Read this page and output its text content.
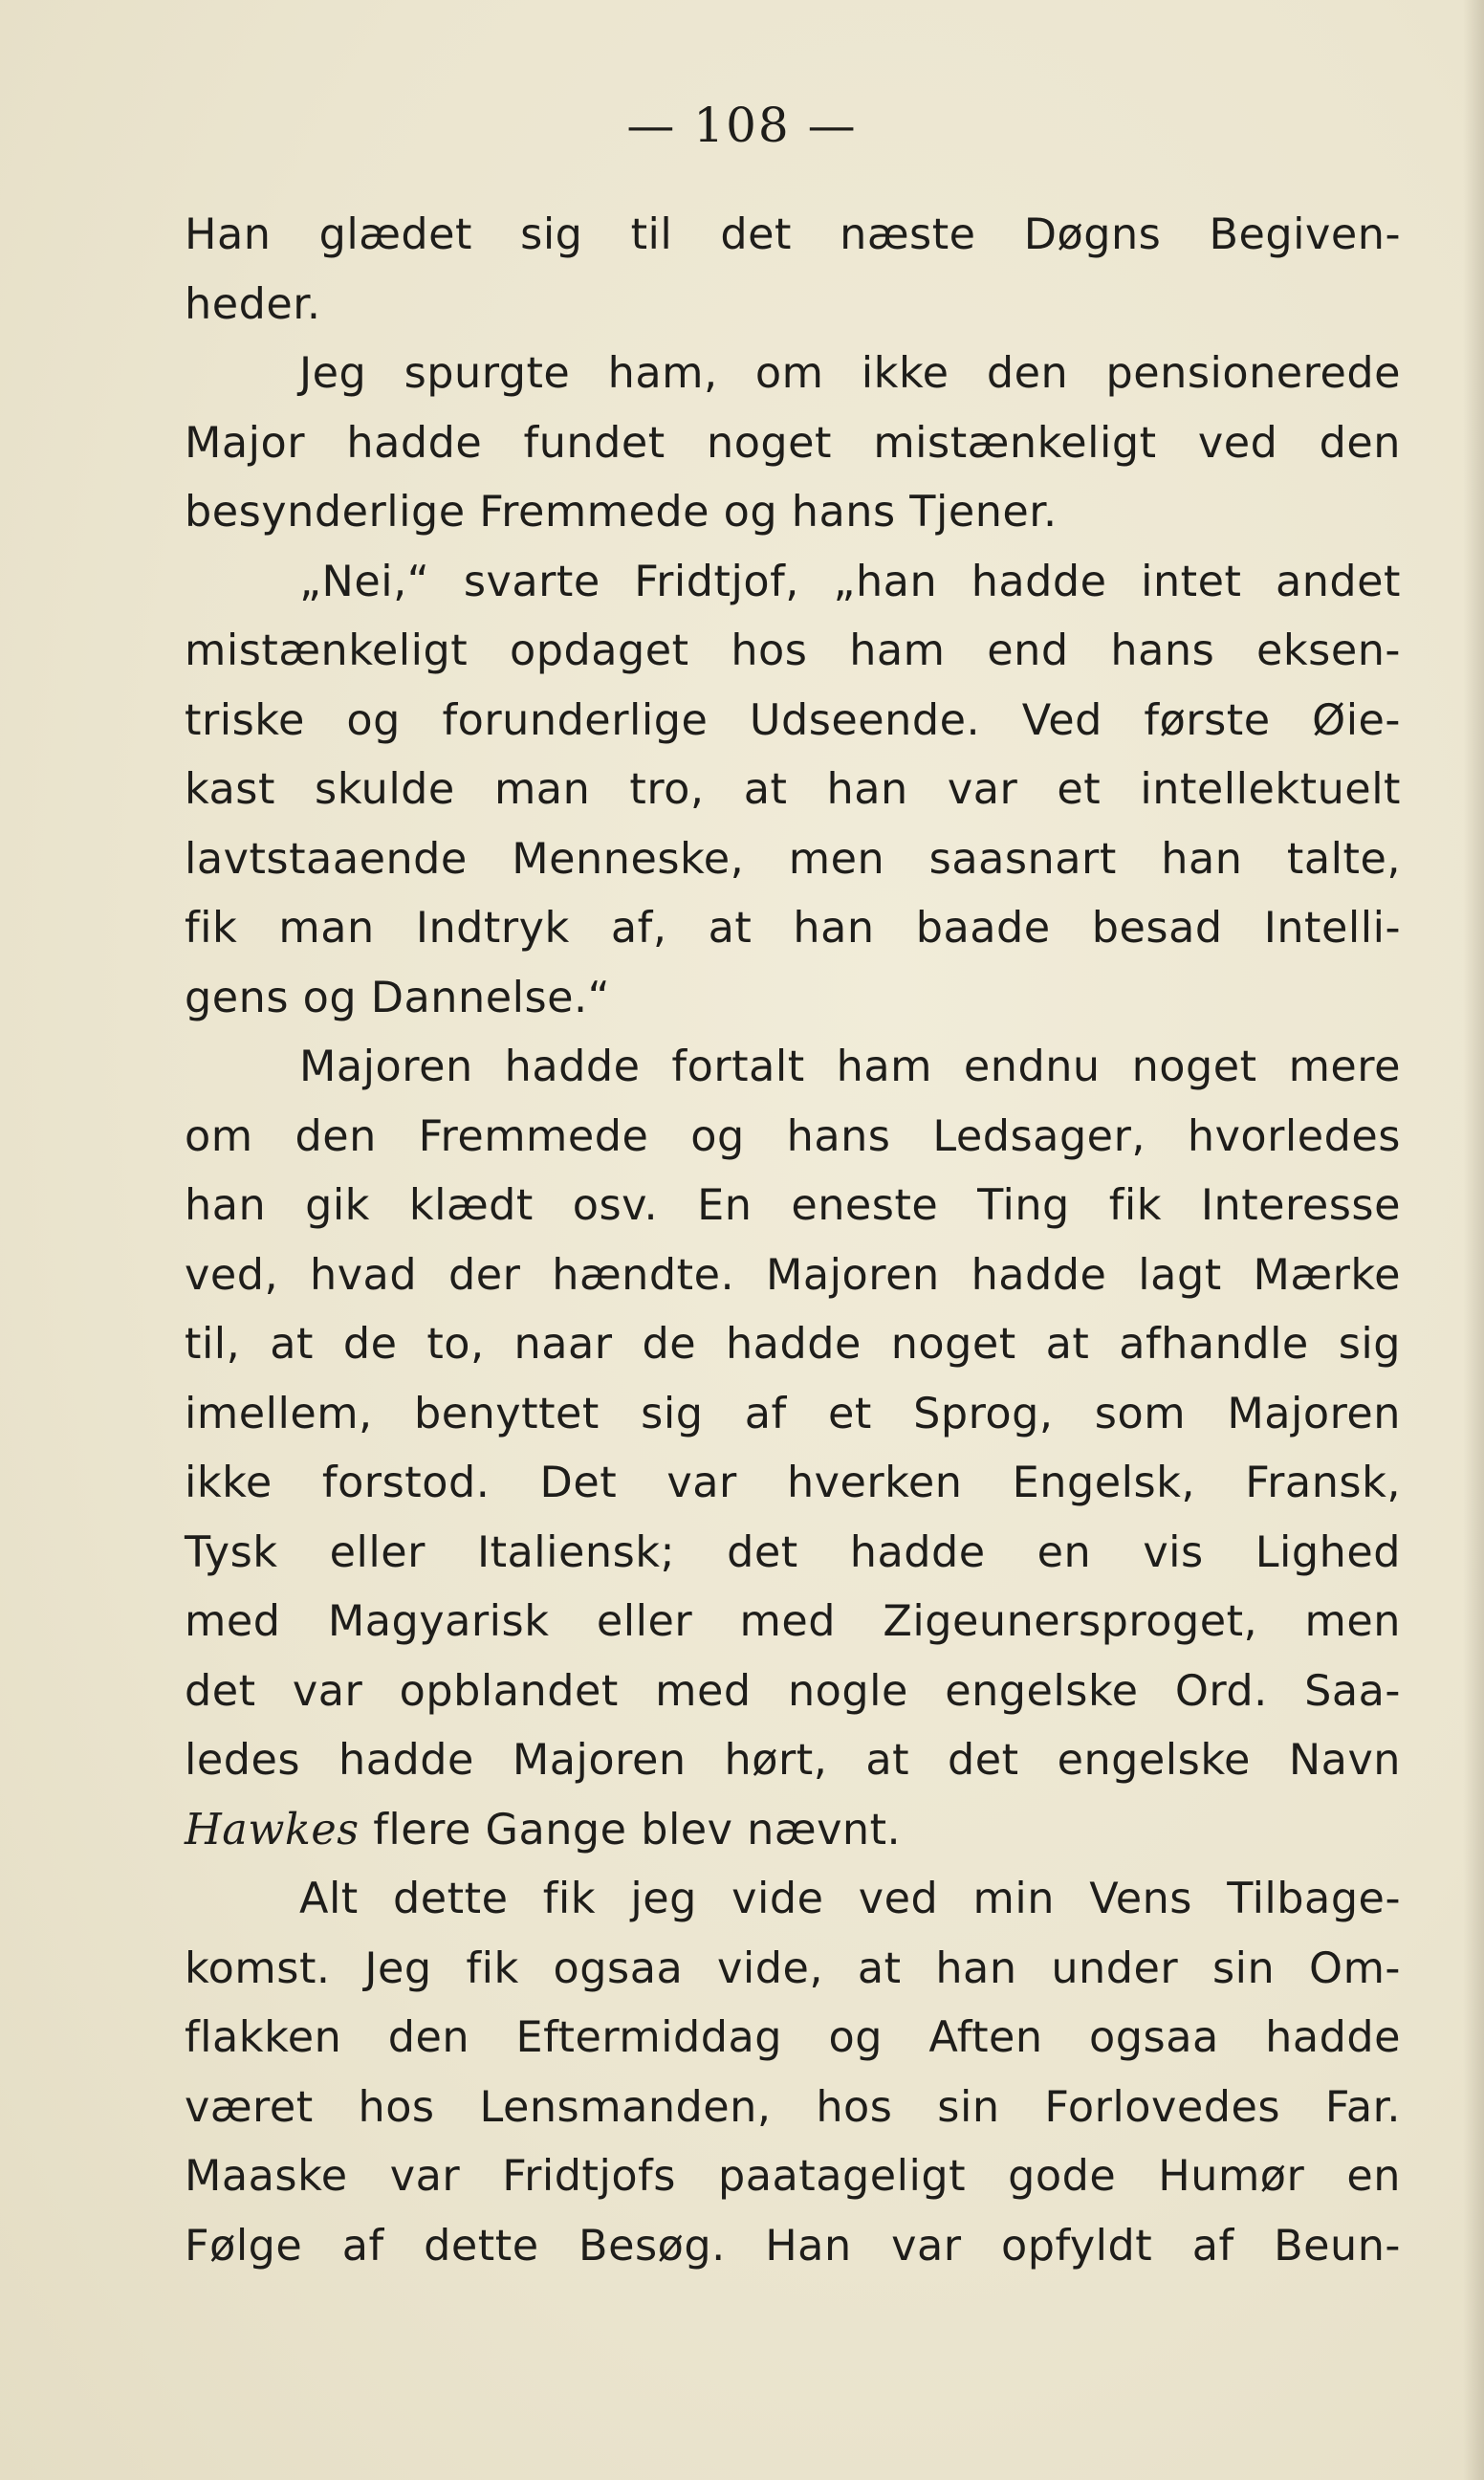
— 108 —
Han glædet sig til det næste Døgns Begiven-
heder.
Jeg spurgte ham, om ikke den pensionerede
Major hadde fundet noget mistænkeligt ved den
besynderlige Fremmede og hans Tjener.
„Nei,“ svarte Fridtjof, „han hadde intet andet
mistænkeligt opdaget hos ham end hans eksen-
triske og forunderlige Udseende. Ved første Øie-
kast skulde man tro, at han var et intellektuelt
lavtstaaende Menneske, men saasnart han talte,
fik man Indtryk af, at han baade besad Intelli-
gens og Dannelse.“
Majoren hadde fortalt ham endnu noget mere
om den Fremmede og hans Ledsager, hvorledes
han gik klædt osv. En eneste Ting fik Interesse
ved, hvad der hændte. Majoren hadde lagt Mærke
til, at de to, naar de hadde noget at afhandle sig
imellem, benyttet sig af et Sprog, som Majoren
ikke forstod. Det var hverken Engelsk, Fransk,
Tysk eller Italiensk; det hadde en vis Lighed
med Magyarisk eller med Zigeunersproget, men
det var opblandet med nogle engelske Ord. Saa-
ledes hadde Majoren hørt, at det engelske Navn
Hawkes flere Gange blev nævnt.
Alt dette fik jeg vide ved min Vens Tilbage-
komst. Jeg fik ogsaa vide, at han under sin Om-
flakken den Eftermiddag og Aften ogsaa hadde
været hos Lensmanden, hos sin Forlovedes Far.
Maaske var Fridtjofs paatageligt gode Humør en
Følge af dette Besøg. Han var opfyldt af Beun-
